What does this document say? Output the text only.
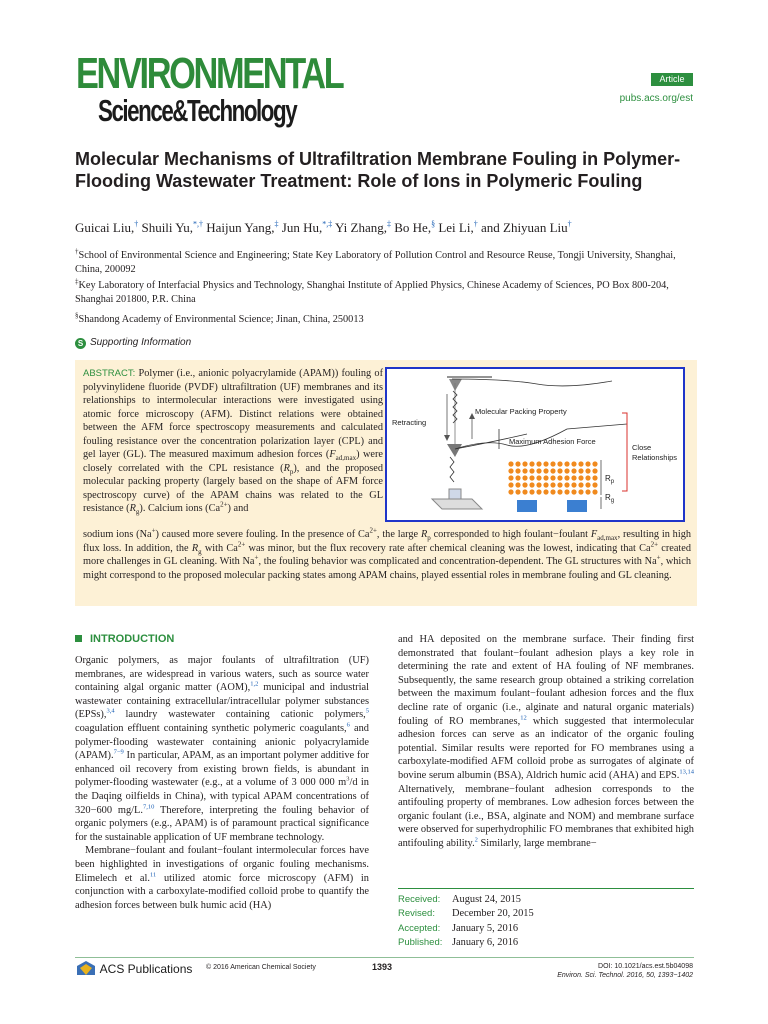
ENVIRONMENTAL
Science&Technology
Article
pubs.acs.org/est
Molecular Mechanisms of Ultrafiltration Membrane Fouling in Polymer-Flooding Wastewater Treatment: Role of Ions in Polymeric Fouling
Guicai Liu,† Shuili Yu,*,† Haijun Yang,‡ Jun Hu,*,‡ Yi Zhang,‡ Bo He,§ Lei Li,† and Zhiyuan Liu†
†School of Environmental Science and Engineering; State Key Laboratory of Pollution Control and Resource Reuse, Tongji University, Shanghai, China, 200092
‡Key Laboratory of Interfacial Physics and Technology, Shanghai Institute of Applied Physics, Chinese Academy of Sciences, PO Box 800-204, Shanghai 201800, P.R. China
§Shandong Academy of Environmental Science; Jinan, China, 250013
S Supporting Information
ABSTRACT: Polymer (i.e., anionic polyacrylamide (APAM)) fouling of polyvinylidene fluoride (PVDF) ultrafiltration (UF) membranes and its relationships to intermolecular interactions were investigated using atomic force microscopy (AFM). Distinct relations were obtained between the AFM force spectroscopy measurements and calculated fouling resistance over the concentration polarization layer (CPL) and gel layer (GL). The measured maximum adhesion forces $(F_{ad,max})$ were closely correlated with the CPL resistance $(R_p)$, and the proposed molecular packing property (largely based on the shape of AFM force spectroscopy curve) of the APAM chains was related to the GL resistance $(R_g)$. Calcium ions $(Ca^{2+})$ and
sodium ions (Na+) caused more severe fouling. In the presence of $Ca^{2+}$, the large $R_p$ corresponded to high foulant−foulant $F_{ad,max}$, resulting in high flux loss. In addition, the $R_g$ with $Ca^{2+}$ was minor, but the flux recovery rate after chemical cleaning was the lowest, indicating that $Ca^{2+}$ created more challenges in GL cleaning. With Na+, the fouling behavior was complicated and concentration-dependent. The GL structures with Na+, which might correspond to the proposed molecular packing states among APAM chains, played essential roles in membrane fouling and GL cleaning.
Retracting
Molecular Packing Property
Maximum Adhesion Force
Close
Relationships
$R_p$
$R_g$
INTRODUCTION

Organic polymers, as major foulants of ultrafiltration (UF) membranes, are widespread in various waters, such as source water containing algal organic matter (AOM),$^{1,2}$ municipal and industrial wastewater containing extracellular/intracellular polymer substances (EPSs),$^{3,4}$ laundry wastewater containing cationic polymers,$^5$ coagulation effluent containing synthetic polymeric coagulants,$^6$ and polymer-flooding wastewater containing anionic polyacrylamide (APAM).$^{7-9}$ In particular, APAM, as an important polymer additive for enhanced oil recovery from existing brown fields, is abundant in polymer-flooding wastewater (e.g., at a volume of 3 000 000 $m^3/d$ in the Daqing oilfields in China), with typical APAM concentrations of 320−600 mg/L.$^{7,10}$ Therefore, interpreting the fouling behavior of organic polymers (e.g., APAM) is of paramount practical significance for the sustainable application of UF membrane technology.

Membrane−foulant and foulant−foulant intermolecular forces have been highlighted in investigations of organic fouling mechanisms. Elimelech et al.$^{11}$ utilized atomic force microscopy (AFM) in conjunction with a carboxylate-modified colloid probe to quantify the adhesion forces between bulk humic acid (HA)

and HA deposited on the membrane surface. Their finding first demonstrated that foulant−foulant adhesion plays a key role in determining the rate and extent of HA fouling of NF membranes. Subsequently, the same research group obtained a striking correlation between the maximum foulant−foulant adhesion forces and the flux decline rate of organic (i.e., alginate and natural organic materials) fouling of RO membranes,$^{12}$ which suggested that intermolecular adhesion forces can serve as an indicator of the organic fouling potential. Similar results were reported for FO membranes using a carboxylate-modified AFM colloid probe as surrogates of alginate of bovine serum albumin (BSA), Aldrich humic acid (AHA) and EPS.$^{13,14}$ Alternatively, membrane−foulant adhesion corresponds to the antifouling property of membranes. Low adhesion forces between the organic foulant (i.e., BSA, alginate and NOM) and membrane surface were observed for superhydrophilic FO membranes that exhibited high antifouling ability.$^2$ Similarly, large membrane−

Received: August 24, 2015
Revised: December 20, 2015
Accepted: January 5, 2016
Published: January 6, 2016
ACS Publications © 2016 American Chemical Society	1393	DOI: 10.1021/acs.est.5b04098
Environ. Sci. Technol. 2016, 50, 1393−1402
